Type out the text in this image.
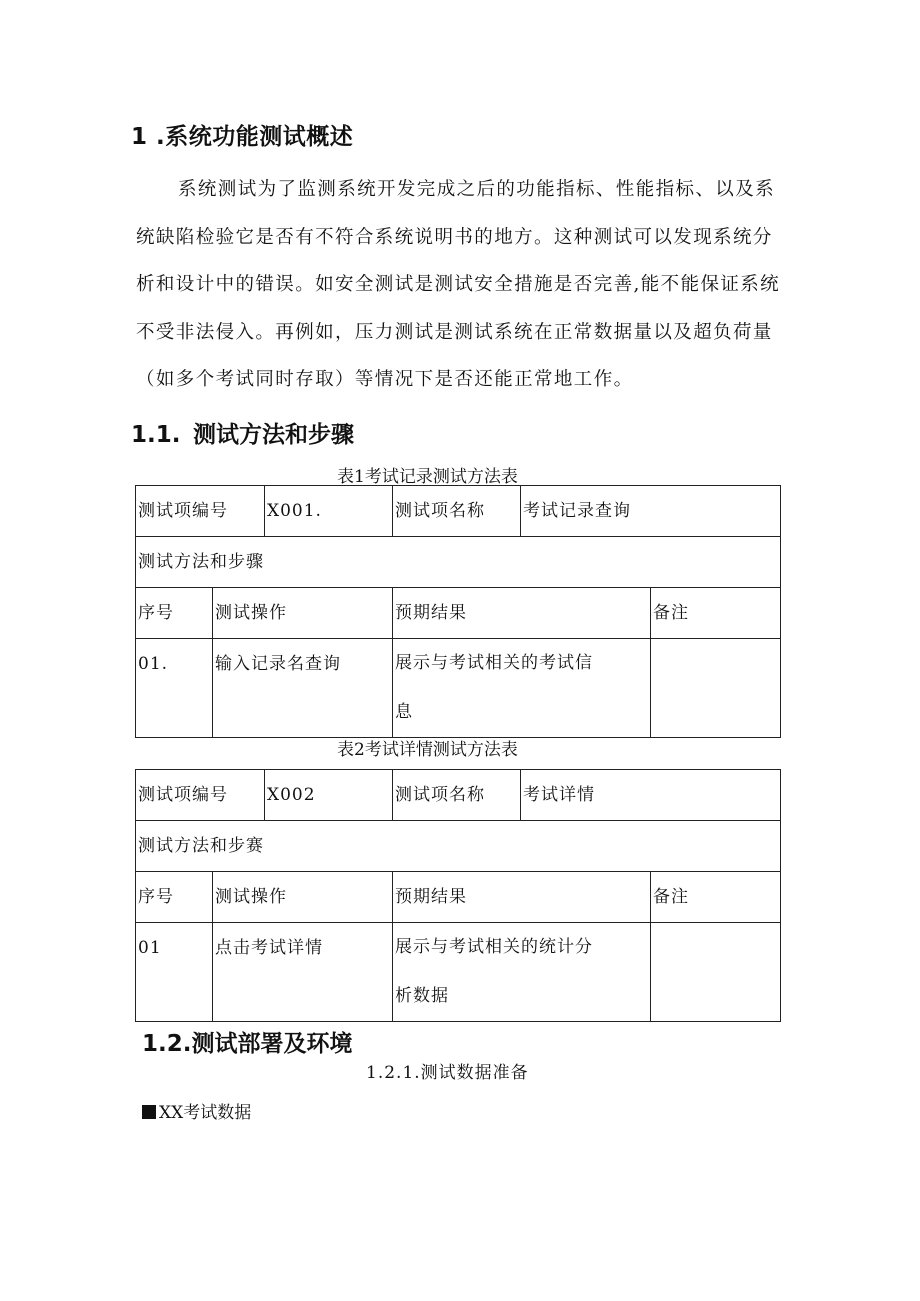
1 .系统功能测试概述

系统测试为了监测系统开发完成之后的功能指标、性能指标、以及系

统缺陷检验它是否有不符合系统说明书的地方。这种测试可以发现系统分

析和设计中的错误。如安全测试是测试安全措施是否完善,能不能保证系统

不受非法侵入。再例如，压力测试是测试系统在正常数据量以及超负荷量

（如多个考试同时存取）等情况下是否还能正常地工作。

1.1. 测试方法和步骤
表1考试记录测试方法表
测试项编号		X001.	测试项名称	考试记录查询	
测试方法和步骤					
序号	测试操作		预期结果		备注
01.	输入记录名查询		展示与考试相关的考试信
息		

表2考试详情测试方法表
测试项编号		X002	测试项名称	考试详情	
测试方法和步赛					
序号	测试操作		预期结果		备注
01	点击考试详情		展示与考试相关的统计分
析数据		

1.2.测试部署及环境
1.2.1.测试数据准备
XX考试数据
